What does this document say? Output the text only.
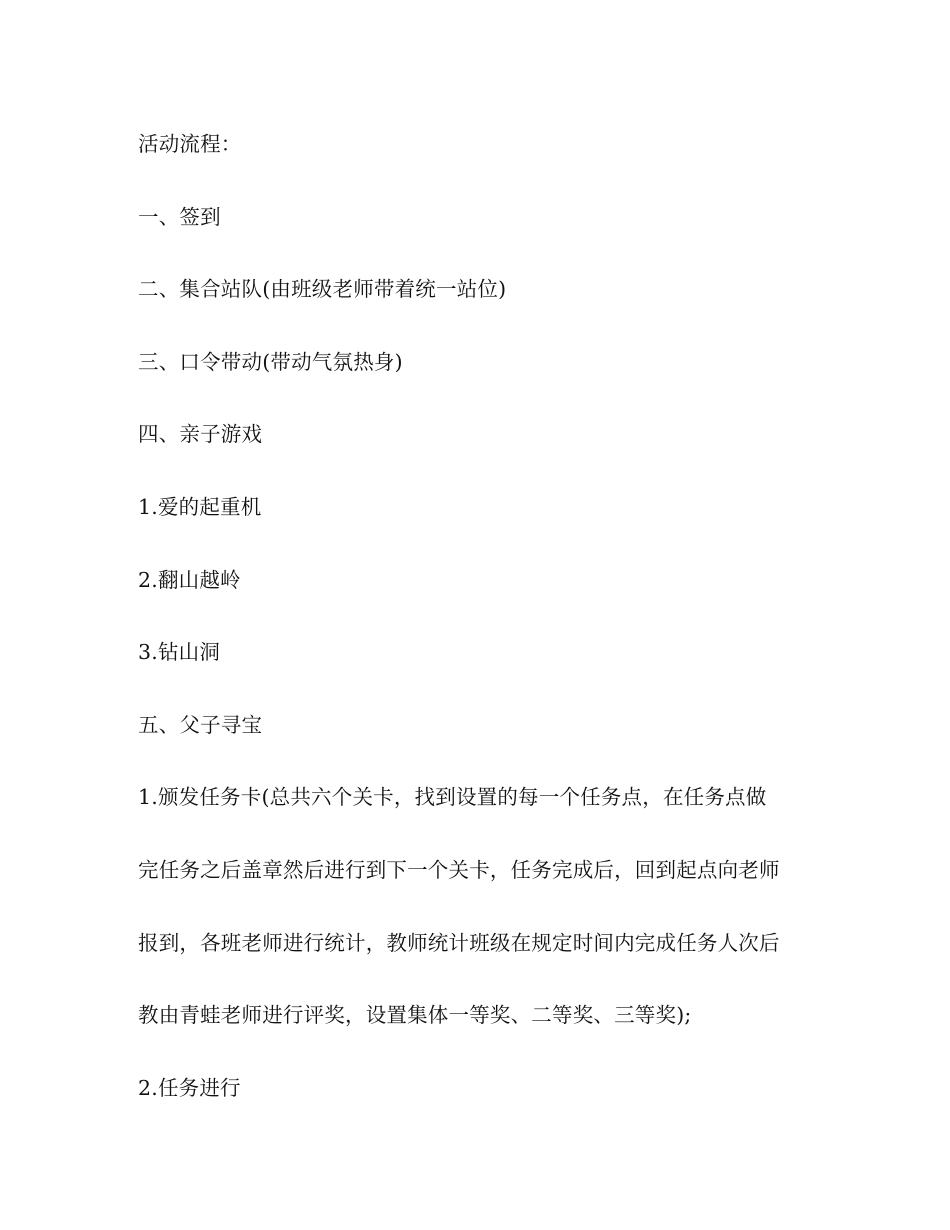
活动流程：
一、签到
二、集合站队(由班级老师带着统一站位)
三、口令带动(带动气氛热身)
四、亲子游戏
1.爱的起重机
2.翻山越岭
3.钻山洞
五、父子寻宝
1.颁发任务卡(总共六个关卡，找到设置的每一个任务点，在任务点做
完任务之后盖章然后进行到下一个关卡，任务完成后，回到起点向老师
报到，各班老师进行统计，教师统计班级在规定时间内完成任务人次后
教由青蛙老师进行评奖，设置集体一等奖、二等奖、三等奖);
2.任务进行
